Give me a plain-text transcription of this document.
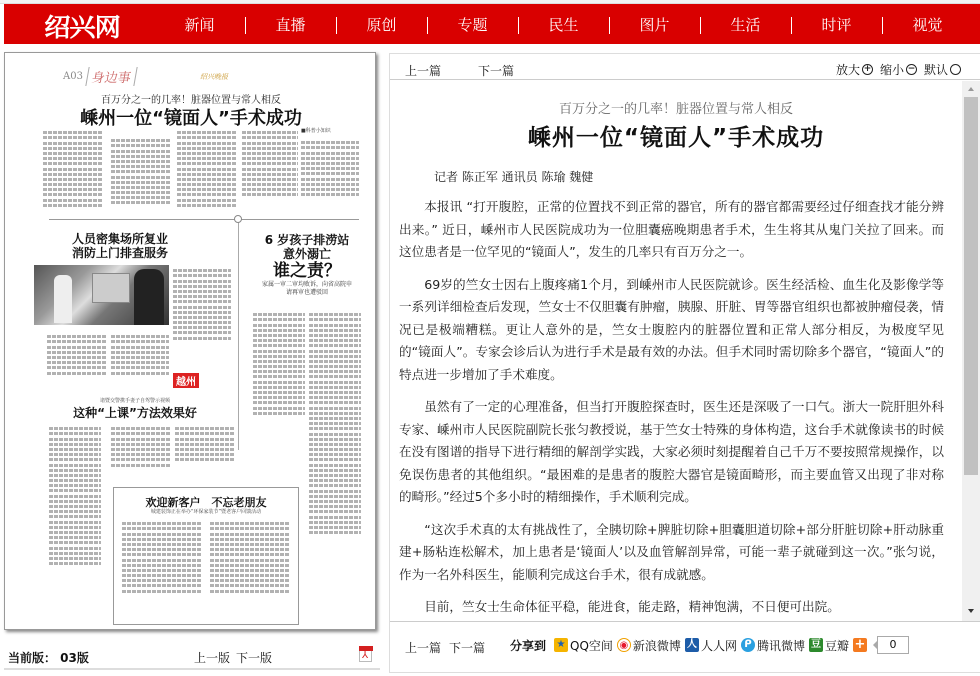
绍兴网	新闻	直播	原创	专题	民生	图片	生活	时评	视觉
A03 身边事
	绍兴晚报
百万分之一的几率！脏器位置与常人相反
嵊州一位“镜面人”手术成功
■科普小知识
人员密集场所复业
消防上门排查服务
越州
6 岁孩子排涝站
意外溺亡
谁之责？
家属一审二审均败诉，向省高院申
请再审也遭驳回
诸暨交警携手妻子自驾警示视频
这种“上课”方法效果好
欢迎新客户　不忘老朋友
城建装饰正在举办“环保家装节”暨老客户回馈活动
当前版： 03版	上一版 下一版
⅄
上一篇	下一篇	放大 + 缩小 − 默认
百万分之一的几率！脏器位置与常人相反
嵊州一位“镜面人”手术成功
记者 陈正军 通讯员 陈瑜 魏健

本报讯 “打开腹腔，正常的位置找不到正常的器官，所有的器官都需要经过仔细查找才能分辨出来。” 近日，嵊州市人民医院成功为一位胆囊癌晚期患者手术，生生将其从鬼门关拉了回来。而这位患者是一位罕见的“镜面人”，发生的几率只有百万分之一。

69岁的竺女士因右上腹疼痛1个月，到嵊州市人民医院就诊。医生经活检、血生化及影像学等一系列详细检查后发现，竺女士不仅胆囊有肿瘤，胰腺、肝脏、胃等器官组织也都被肿瘤侵袭，情况已是极端糟糕。更让人意外的是，竺女士腹腔内的脏器位置和正常人部分相反，为极度罕见的“镜面人”。专家会诊后认为进行手术是最有效的办法。但手术同时需切除多个器官，“镜面人”的特点进一步增加了手术难度。

虽然有了一定的心理准备，但当打开腹腔探查时，医生还是深吸了一口气。浙大一院肝胆外科专家、嵊州市人民医院副院长张匀教授说，基于竺女士特殊的身体构造，这台手术就像读书的时候在没有图谱的指导下进行精细的解剖学实践，大家必须时刻提醒着自己千万不要按照常规操作，以免误伤患者的其他组织。“最困难的是患者的腹腔大器官是镜面畸形，而主要血管又出现了非对称的畸形。”经过5个多小时的精细操作，手术顺利完成。

“这次手术真的太有挑战性了，全胰切除+脾脏切除+胆囊胆道切除+部分肝脏切除+肝动脉重建+肠粘连松解术，加上患者是‘镜面人’以及血管解剖异常，可能一辈子就碰到这一次。”张匀说，作为一名外科医生，能顺利完成这台手术，很有成就感。

目前，竺女士生命体征平稳，能进食，能走路，精神饱满，不日便可出院。

上一篇 下一篇 分享到 ★ QQ空间 ◉ 新浪微博 人 人人网 ᑭ 腾讯微博 豆 豆瓣 +	0
